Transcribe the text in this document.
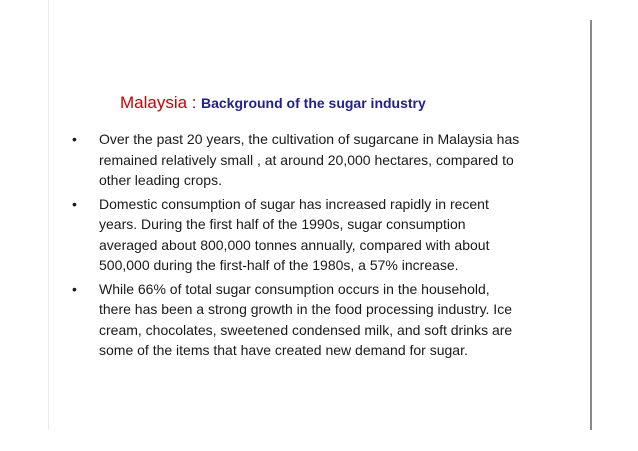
Malaysia : Background of the sugar industry
• Over the past 20 years, the cultivation of sugarcane in Malaysia has
remained relatively small , at around 20,000 hectares, compared to
other leading crops.
• Domestic consumption of sugar has increased rapidly in recent
years. During the first half of the 1990s, sugar consumption
averaged about 800,000 tonnes annually, compared with about
500,000 during the first-half of the 1980s, a 57% increase.
• While 66% of total sugar consumption occurs in the household,
there has been a strong growth in the food processing industry. Ice
cream, chocolates, sweetened condensed milk, and soft drinks are
some of the items that have created new demand for sugar.
